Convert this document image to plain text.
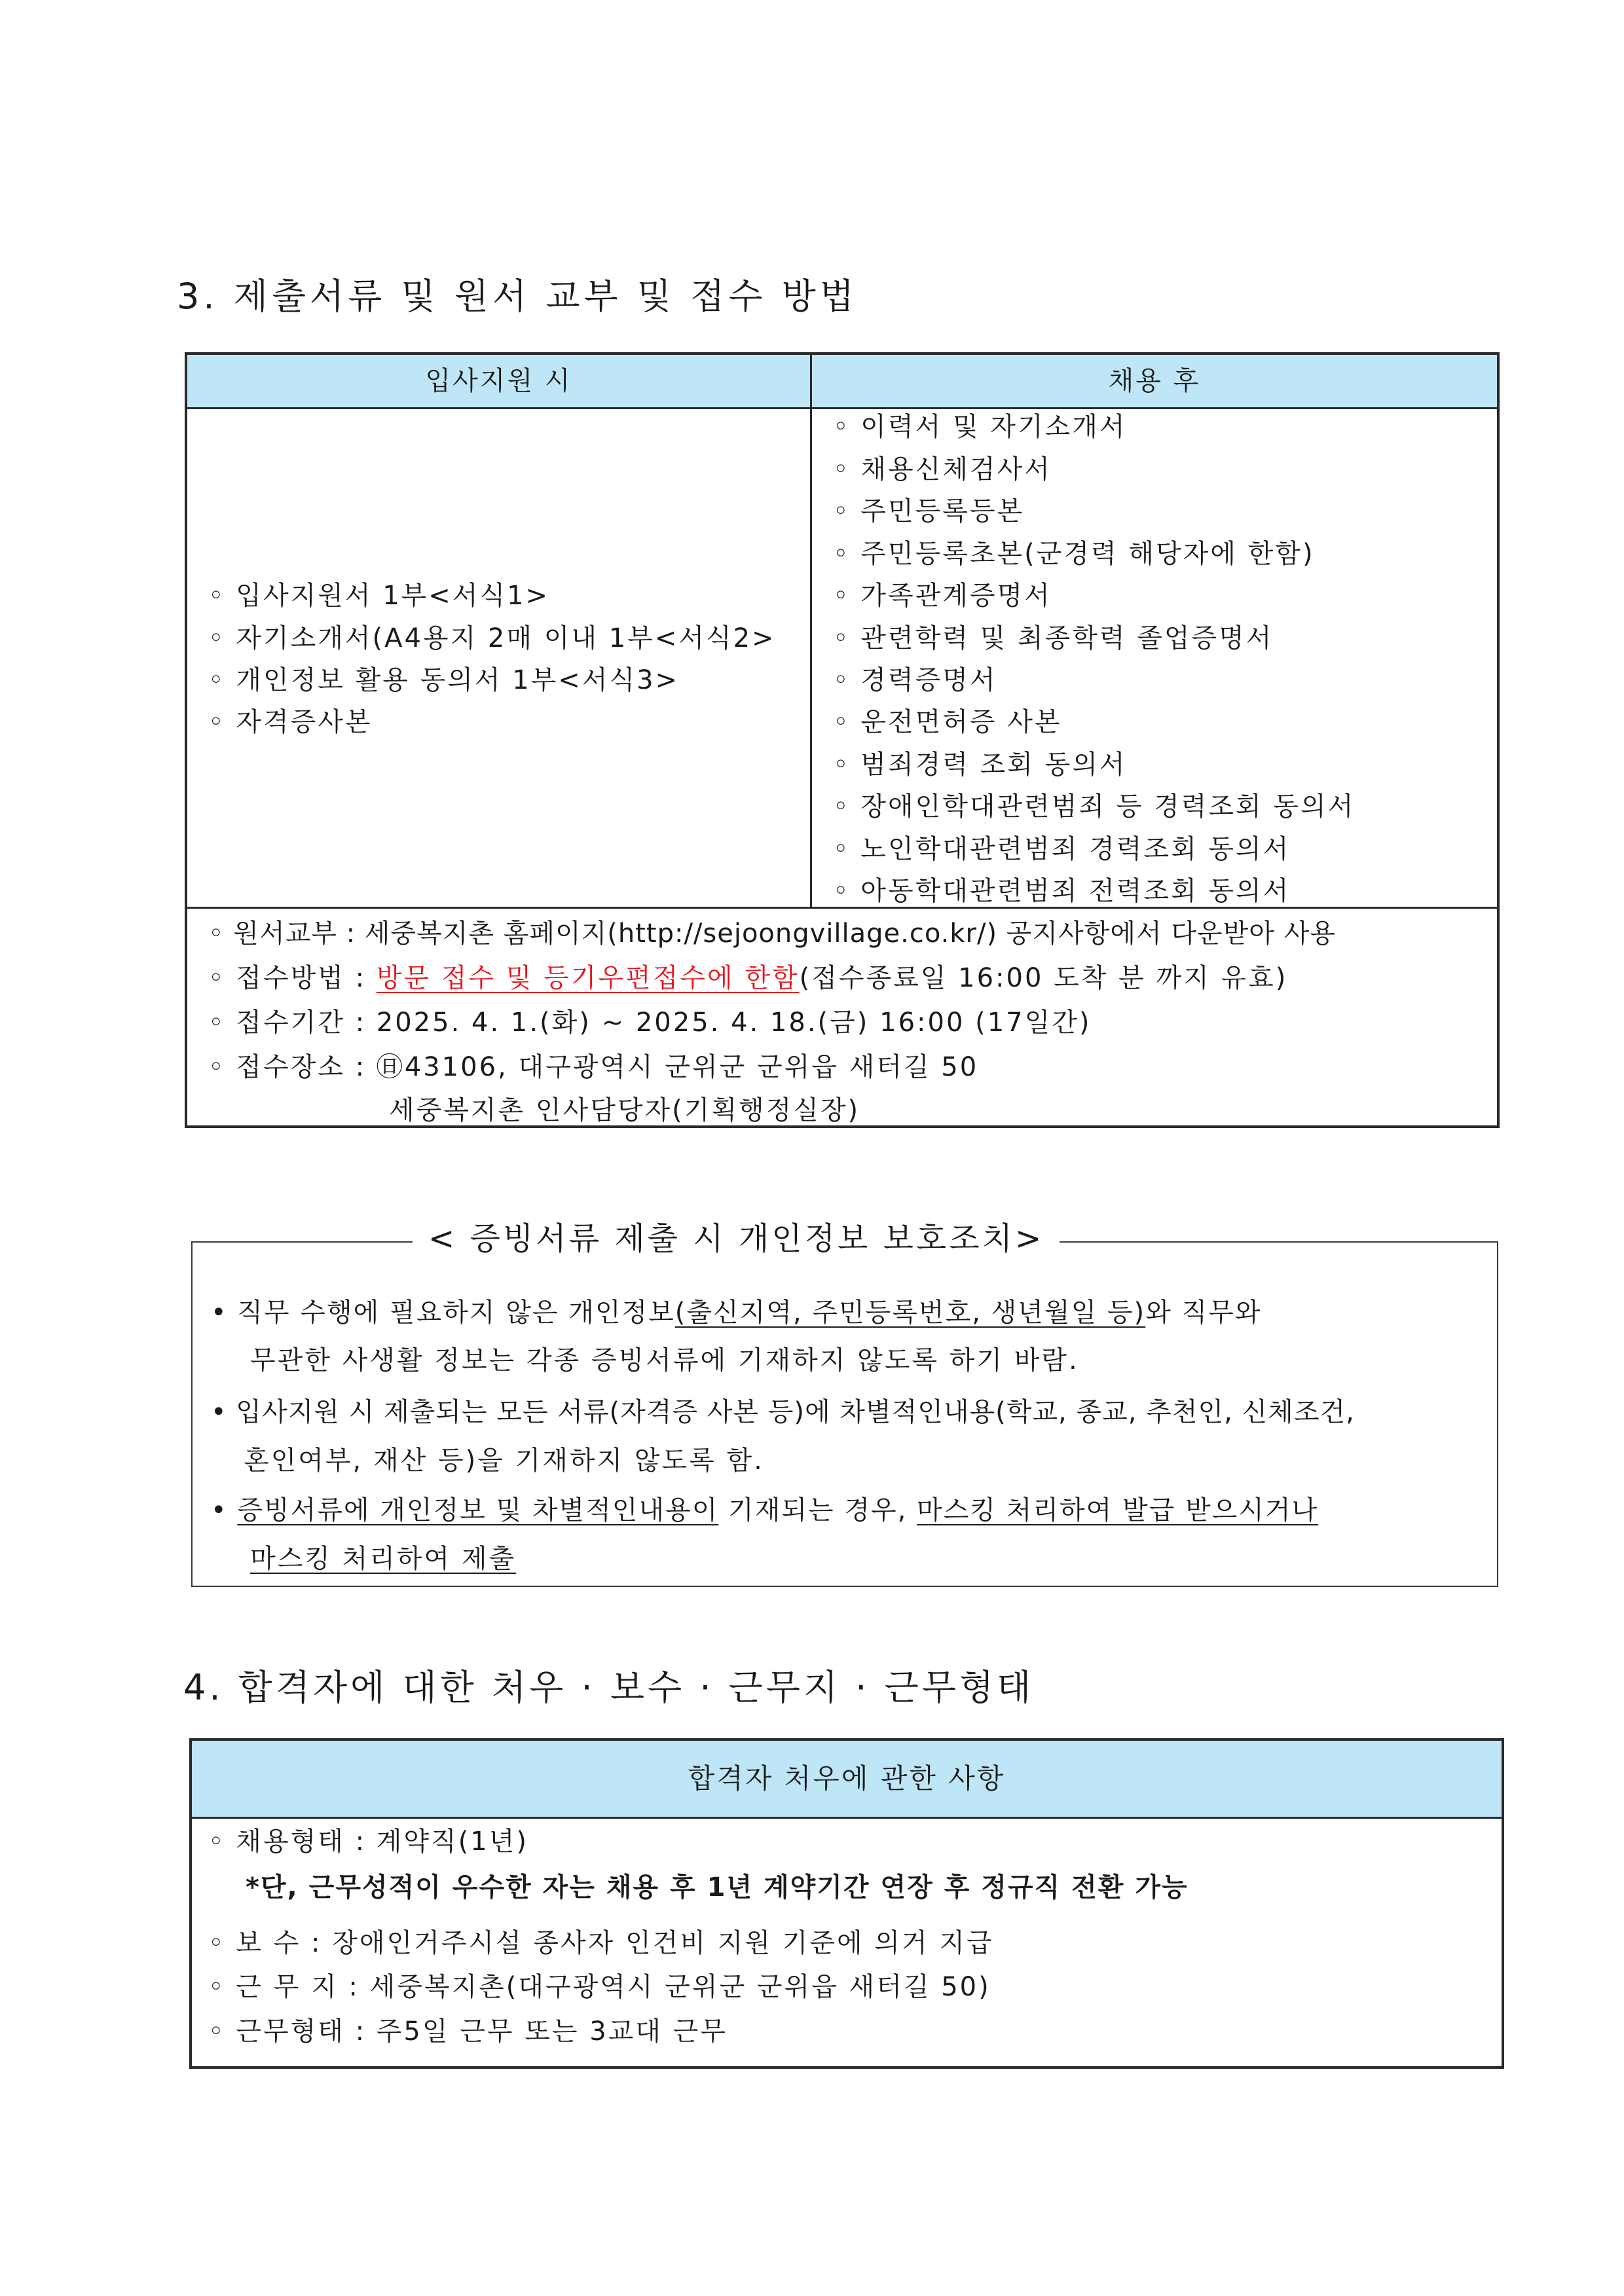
3. 제출서류 및 원서 교부 및 접수 방법
입사지원 시	채용 후
◦ 입사지원서 1부<서식1>
◦ 자기소개서(A4용지 2매 이내 1부<서식2>
◦ 개인정보 활용 동의서 1부<서식3>
◦ 자격증사본
◦ 이력서 및 자기소개서
◦ 채용신체검사서
◦ 주민등록등본
◦ 주민등록초본(군경력 해당자에 한함)
◦ 가족관계증명서
◦ 관련학력 및 최종학력 졸업증명서
◦ 경력증명서
◦ 운전면허증 사본
◦ 범죄경력 조회 동의서
◦ 장애인학대관련범죄 등 경력조회 동의서
◦ 노인학대관련범죄 경력조회 동의서
◦ 아동학대관련범죄 전력조회 동의서
◦ 원서교부 : 세중복지촌 홈페이지(http://sejoongvillage.co.kr/) 공지사항에서 다운받아 사용
◦ 접수방법 : 방문 접수 및 등기우편접수에 한함(접수종료일 16:00 도착 분 까지 유효)
◦ 접수기간 : 2025. 4. 1.(화) ~ 2025. 4. 18.(금) 16:00 (17일간)
◦ 접수장소 : ㊐43106, 대구광역시 군위군 군위읍 새터길 50
세중복지촌 인사담당자(기획행정실장)
< 증빙서류 제출 시 개인정보 보호조치>
• 직무 수행에 필요하지 않은 개인정보(출신지역, 주민등록번호, 생년월일 등)와 직무와
무관한 사생활 정보는 각종 증빙서류에 기재하지 않도록 하기 바람.
• 입사지원 시 제출되는 모든 서류(자격증 사본 등)에 차별적인내용(학교, 종교, 추천인, 신체조건,
혼인여부, 재산 등)을 기재하지 않도록 함.
• 증빙서류에 개인정보 및 차별적인내용이 기재되는 경우, 마스킹 처리하여 발급 받으시거나
마스킹 처리하여 제출
4. 합격자에 대한 처우 · 보수 · 근무지 · 근무형태
합격자 처우에 관한 사항
◦ 채용형태 : 계약직(1년)
*단, 근무성적이 우수한 자는 채용 후 1년 계약기간 연장 후 정규직 전환 가능
◦ 보 수 : 장애인거주시설 종사자 인건비 지원 기준에 의거 지급
◦ 근 무 지 : 세중복지촌(대구광역시 군위군 군위읍 새터길 50)
◦ 근무형태 : 주5일 근무 또는 3교대 근무
